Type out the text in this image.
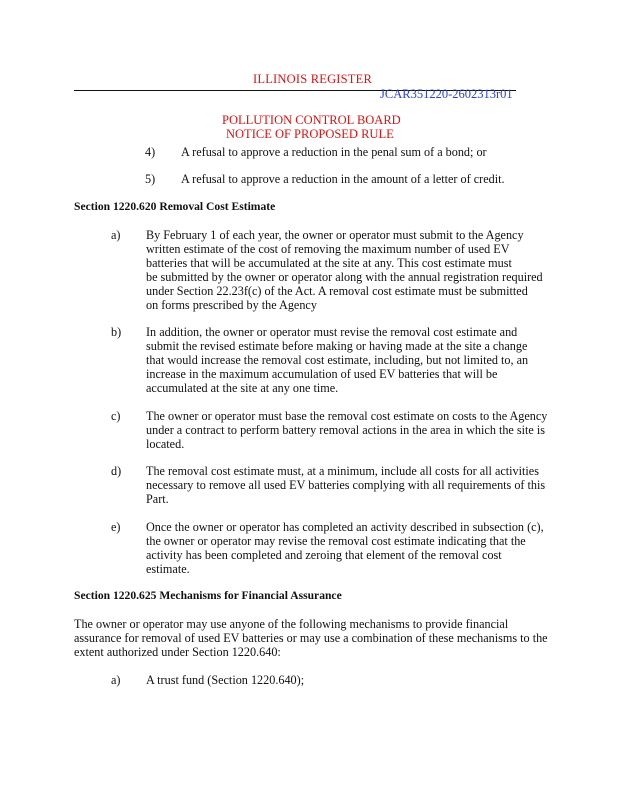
ILLINOIS REGISTER
JCAR351220-2602313r01
POLLUTION CONTROL BOARD
NOTICE OF PROPOSED RULE
4) A refusal to approve a reduction in the penal sum of a bond; or
5) A refusal to approve a reduction in the amount of a letter of credit.
Section 1220.620 Removal Cost Estimate
a) By February 1 of each year, the owner or operator must submit to the Agency
written estimate of the cost of removing the maximum number of used EV
batteries that will be accumulated at the site at any. This cost estimate must
be submitted by the owner or operator along with the annual registration required
under Section 22.23f(c) of the Act. A removal cost estimate must be submitted
on forms prescribed by the Agency
b) In addition, the owner or operator must revise the removal cost estimate and
submit the revised estimate before making or having made at the site a change
that would increase the removal cost estimate, including, but not limited to, an
increase in the maximum accumulation of used EV batteries that will be
accumulated at the site at any one time.
c) The owner or operator must base the removal cost estimate on costs to the Agency
under a contract to perform battery removal actions in the area in which the site is
located.
d) The removal cost estimate must, at a minimum, include all costs for all activities
necessary to remove all used EV batteries complying with all requirements of this
Part.
e) Once the owner or operator has completed an activity described in subsection (c),
the owner or operator may revise the removal cost estimate indicating that the
activity has been completed and zeroing that element of the removal cost
estimate.
Section 1220.625 Mechanisms for Financial Assurance
The owner or operator may use anyone of the following mechanisms to provide financial
assurance for removal of used EV batteries or may use a combination of these mechanisms to the
extent authorized under Section 1220.640:
a) A trust fund (Section 1220.640);
